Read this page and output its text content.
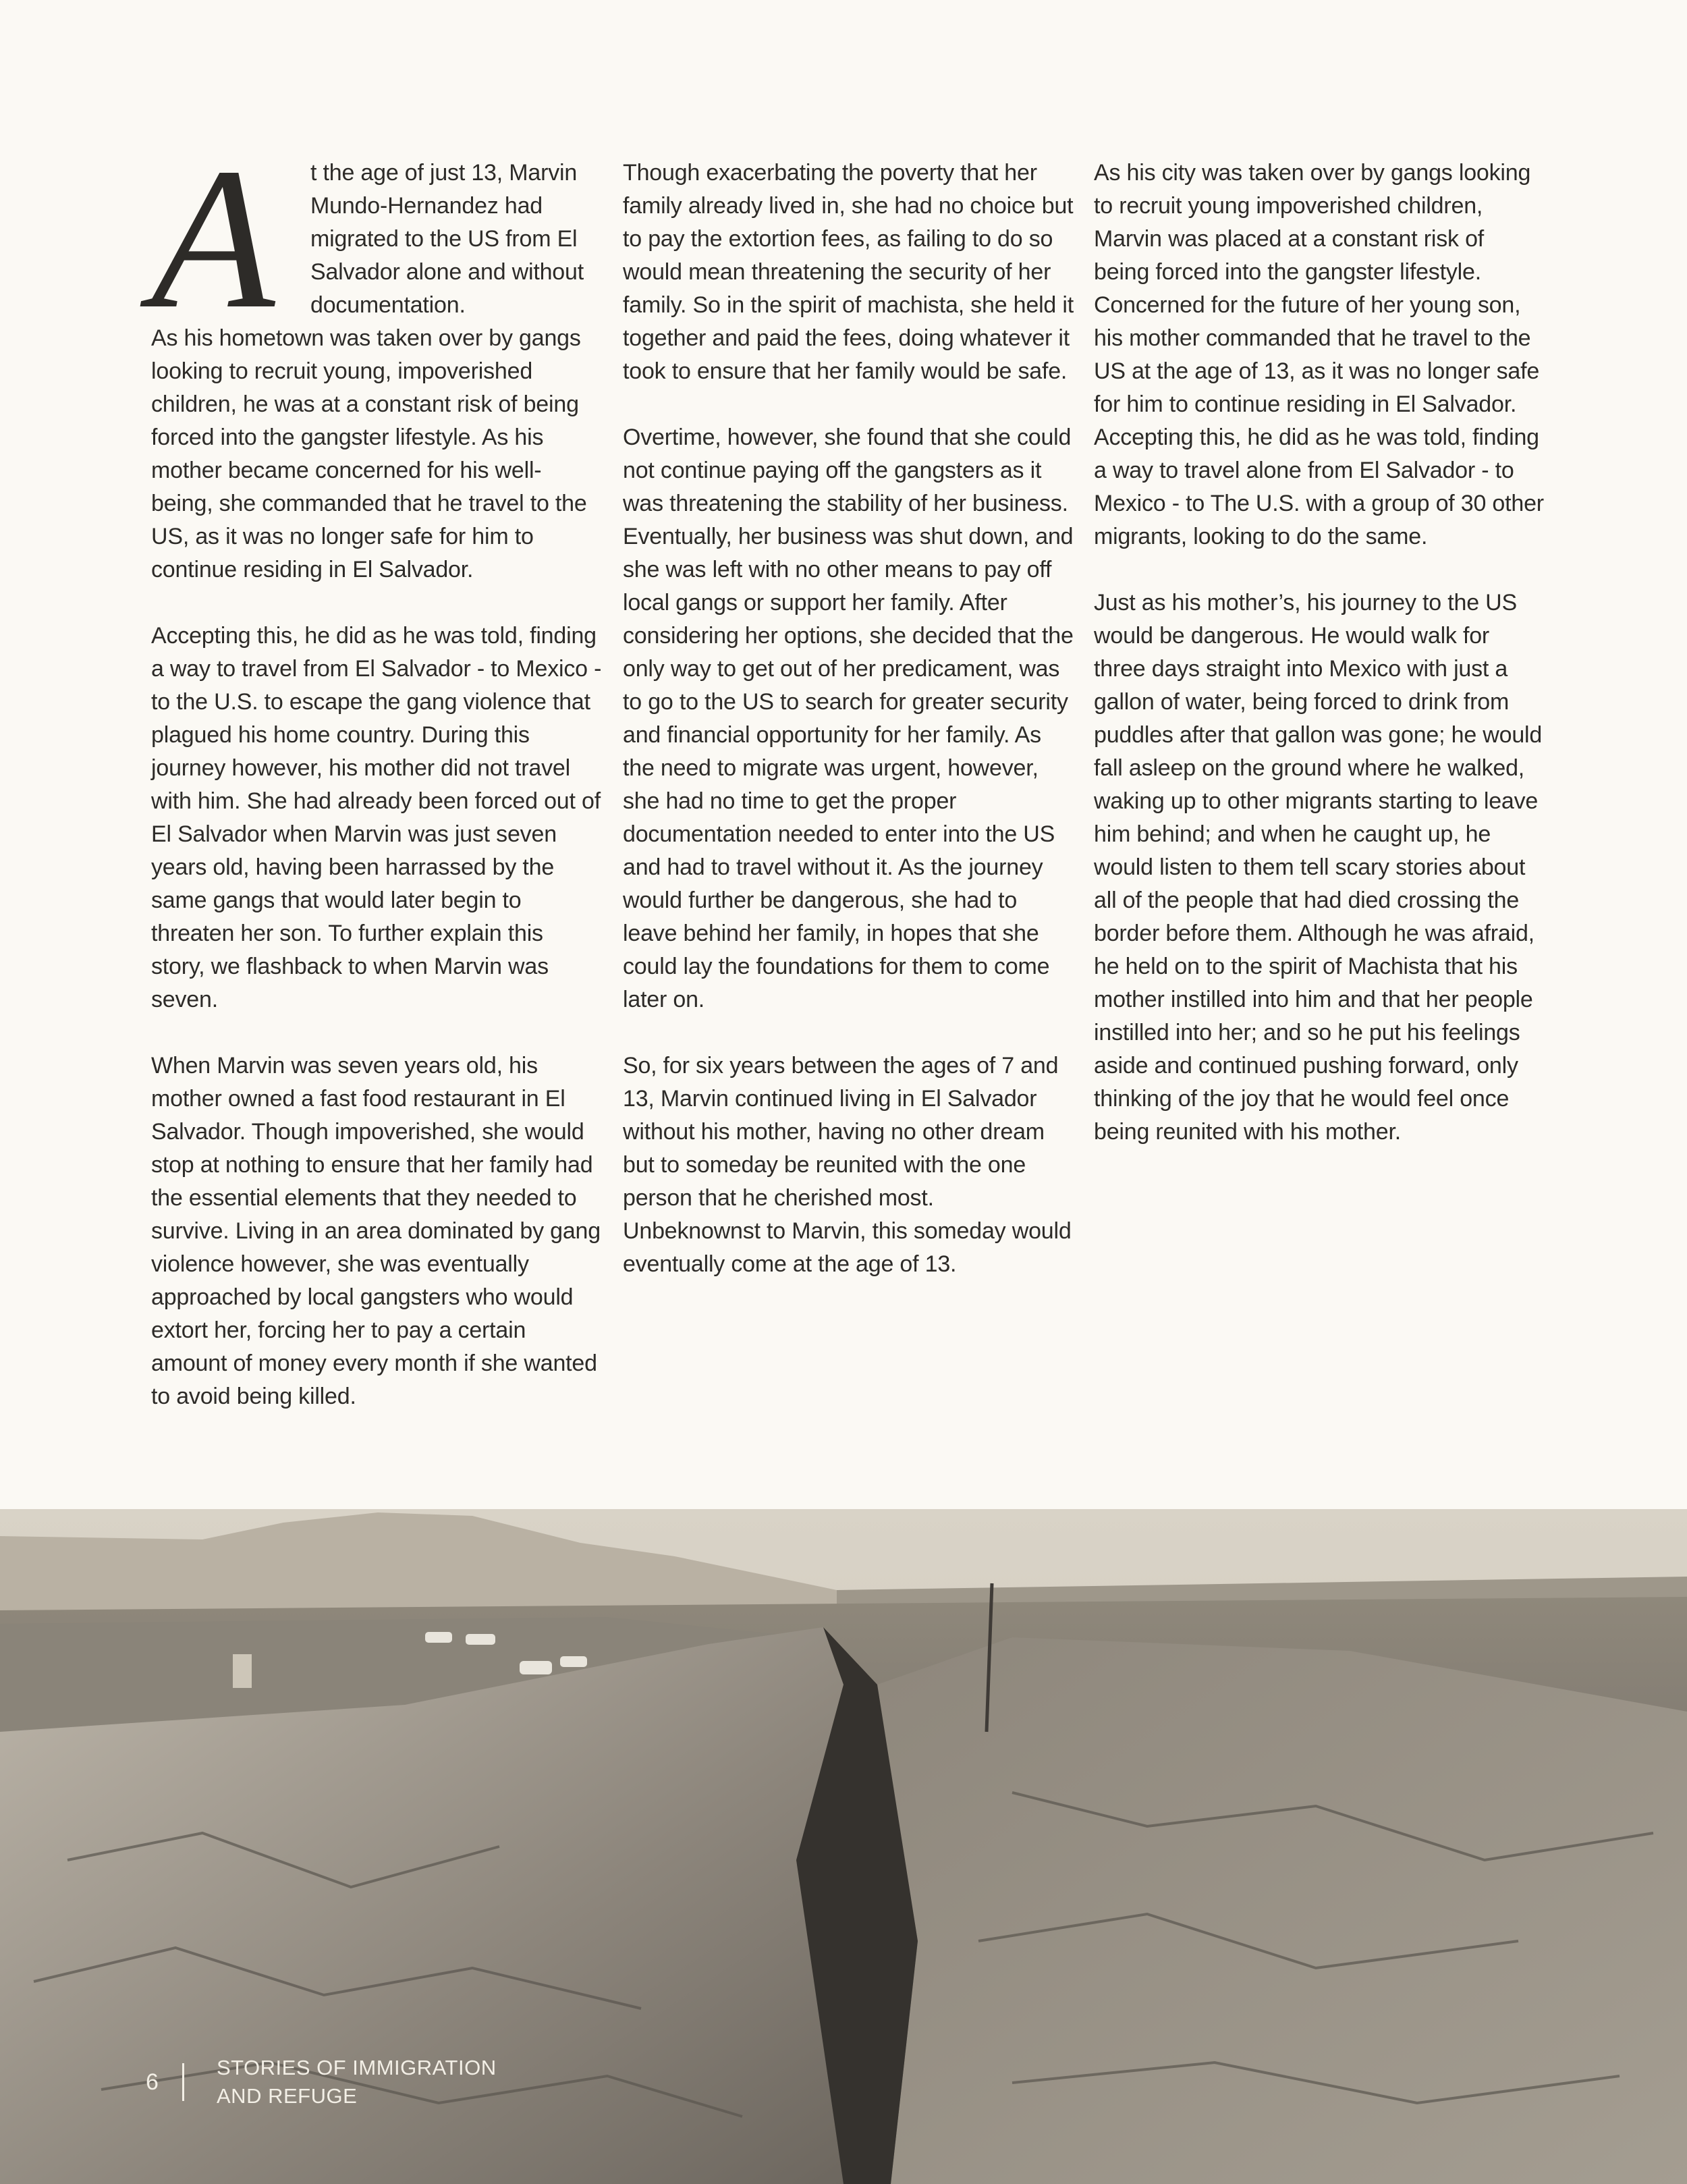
A t the age of just 13, Marvin Mundo-Hernandez had migrated to the US from El Salvador alone and without documentation.

As his hometown was taken over by gangs looking to recruit young, impoverished children, he was at a constant risk of being forced into the gangster lifestyle. As his mother became concerned for his well-being, she commanded that he travel to the US, as it was no longer safe for him to continue residing in El Salvador.

Accepting this, he did as he was told, finding a way to travel from El Salvador - to Mexico - to the U.S. to escape the gang violence that plagued his home country. During this journey however, his mother did not travel with him. She had already been forced out of El Salvador when Marvin was just seven years old, having been harrassed by the same gangs that would later begin to threaten her son. To further explain this story, we flashback to when Marvin was seven.

When Marvin was seven years old, his mother owned a fast food restaurant in El Salvador. Though impoverished, she would stop at nothing to ensure that her family had the essential elements that they needed to survive. Living in an area dominated by gang violence however, she was eventually approached by local gangsters who would extort her, forcing her to pay a certain amount of money every month if she wanted to avoid being killed.

Though exacerbating the poverty that her family already lived in, she had no choice but to pay the extortion fees, as failing to do so would mean threatening the security of her family. So in the spirit of machista, she held it together and paid the fees, doing whatever it took to ensure that her family would be safe.

Overtime, however, she found that she could not continue paying off the gangsters as it was threatening the stability of her business. Eventually, her business was shut down, and she was left with no other means to pay off local gangs or support her family. After considering her options, she decided that the only way to get out of her predicament, was to go to the US to search for greater security and financial opportunity for her family. As the need to migrate was urgent, however, she had no time to get the proper documentation needed to enter into the US and had to travel without it. As the journey would further be dangerous, she had to leave behind her family, in hopes that she could lay the foundations for them to come later on.

So, for six years between the ages of 7 and 13, Marvin continued living in El Salvador without his mother, having no other dream but to someday be reunited with the one person that he cherished most. Unbeknownst to Marvin, this someday would eventually come at the age of 13.

As his city was taken over by gangs looking to recruit young impoverished children, Marvin was placed at a constant risk of being forced into the gangster lifestyle. Concerned for the future of her young son, his mother commanded that he travel to the US at the age of 13, as it was no longer safe for him to continue residing in El Salvador. Accepting this, he did as he was told, finding a way to travel alone from El Salvador - to Mexico - to The U.S. with a group of 30 other migrants, looking to do the same.

Just as his mother’s, his journey to the US would be dangerous. He would walk for three days straight into Mexico with just a gallon of water, being forced to drink from puddles after that gallon was gone; he would fall asleep on the ground where he walked, waking up to other migrants starting to leave him behind; and when he caught up, he would listen to them tell scary stories about all of the people that had died crossing the border before them. Although he was afraid, he held on to the spirit of Machista that his mother instilled into him and that her people instilled into her; and so he put his feelings aside and continued pushing forward, only thinking of the joy that he would feel once being reunited with his mother.

6
STORIES OF IMMIGRATION
AND REFUGE
